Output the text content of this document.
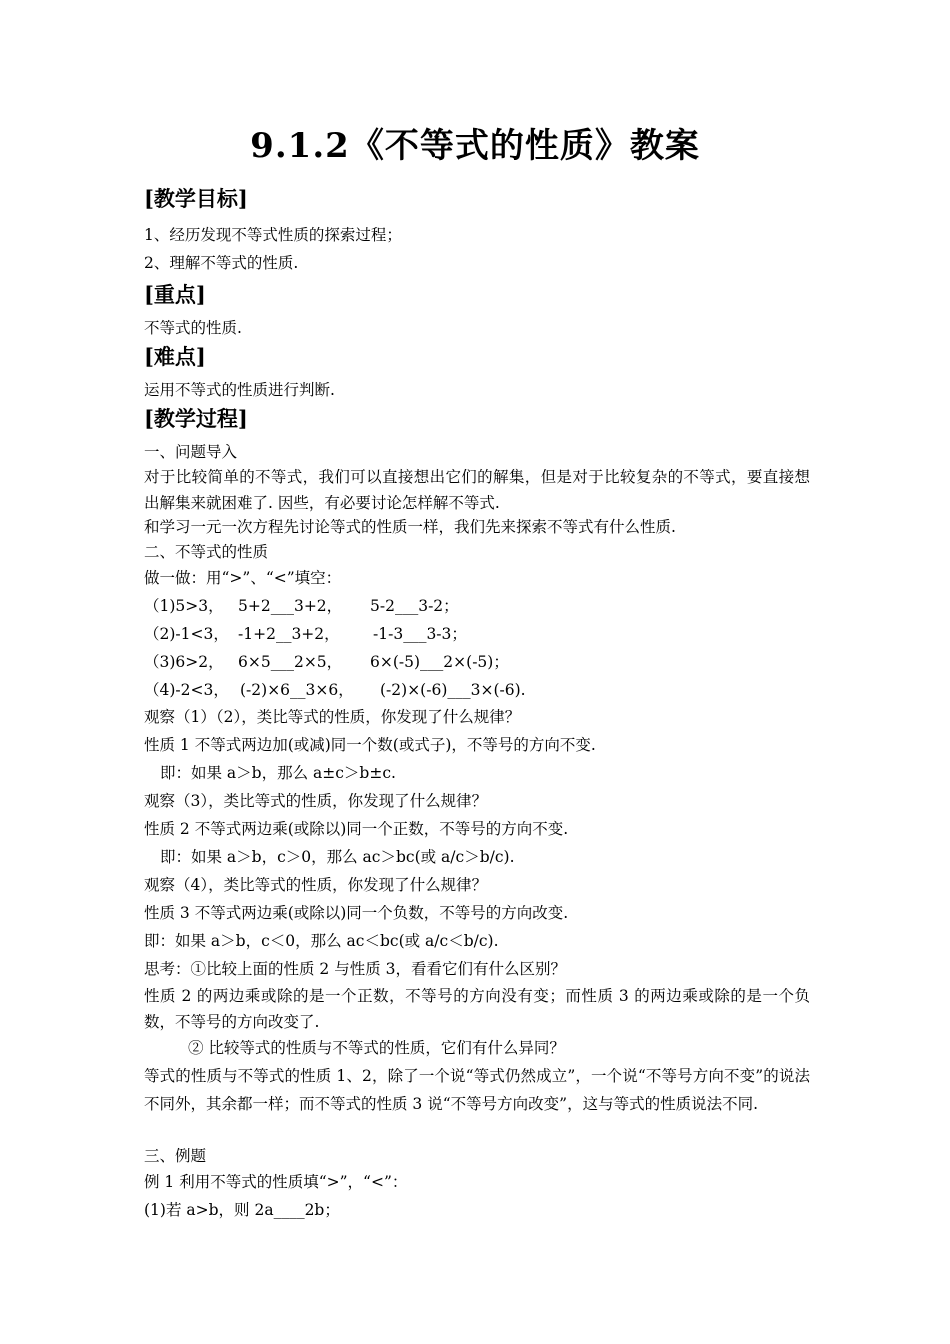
9.1.2《不等式的性质》教案
[教学目标]
1、经历发现不等式性质的探索过程；
2、理解不等式的性质.
[重点]
不等式的性质.
[难点]
运用不等式的性质进行判断.
[教学过程]
一、问题导入
对于比较简单的不等式，我们可以直接想出它们的解集，但是对于比较复杂的不等式，要直接想出解集来就困难了. 因些，有必要讨论怎样解不等式.
和学习一元一次方程先讨论等式的性质一样，我们先来探索不等式有什么性质.
二、不等式的性质
做一做：用“>”、“<”填空：
（1)5>3， 5+2___3+2， 5-2___3-2；
（2)-1<3， -1+2__3+2， -1-3___3-3；
（3)6>2， 6×5___2×5， 6×(-5)___2×(-5)；
（4)-2<3， (-2)×6__3×6， (-2)×(-6)___3×(-6).
观察（1）（2），类比等式的性质，你发现了什么规律？
性质 1 不等式两边加(或减)同一个数(或式子)，不等号的方向不变.
即：如果 a＞b，那么 a±c＞b±c.
观察（3），类比等式的性质，你发现了什么规律？
性质 2 不等式两边乘(或除以)同一个正数，不等号的方向不变.
即：如果 a＞b，c＞0，那么 ac＞bc(或 a/c＞b/c).
观察（4），类比等式的性质，你发现了什么规律？
性质 3 不等式两边乘(或除以)同一个负数，不等号的方向改变.
即：如果 a＞b，c＜0，那么 ac＜bc(或 a/c＜b/c).
思考：①比较上面的性质 2 与性质 3，看看它们有什么区别？
性质 2 的两边乘或除的是一个正数，不等号的方向没有变；而性质 3 的两边乘或除的是一个负数，不等号的方向改变了.
② 比较等式的性质与不等式的性质，它们有什么异同？
等式的性质与不等式的性质 1、2，除了一个说“等式仍然成立”，一个说“不等号方向不变”的说法不同外，其余都一样；而不等式的性质 3 说“不等号方向改变”，这与等式的性质说法不同.
三、例题
例 1 利用不等式的性质填“>”，“<”：
(1)若 a>b，则 2a____2b；
